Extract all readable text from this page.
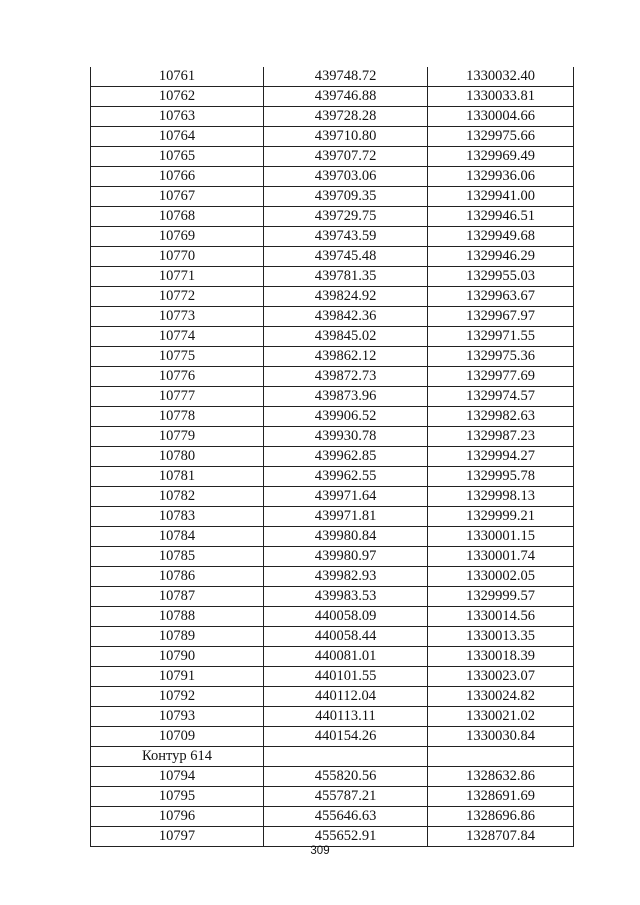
10761	439748.72	1330032.40
10762	439746.88	1330033.81
10763	439728.28	1330004.66
10764	439710.80	1329975.66
10765	439707.72	1329969.49
10766	439703.06	1329936.06
10767	439709.35	1329941.00
10768	439729.75	1329946.51
10769	439743.59	1329949.68
10770	439745.48	1329946.29
10771	439781.35	1329955.03
10772	439824.92	1329963.67
10773	439842.36	1329967.97
10774	439845.02	1329971.55
10775	439862.12	1329975.36
10776	439872.73	1329977.69
10777	439873.96	1329974.57
10778	439906.52	1329982.63
10779	439930.78	1329987.23
10780	439962.85	1329994.27
10781	439962.55	1329995.78
10782	439971.64	1329998.13
10783	439971.81	1329999.21
10784	439980.84	1330001.15
10785	439980.97	1330001.74
10786	439982.93	1330002.05
10787	439983.53	1329999.57
10788	440058.09	1330014.56
10789	440058.44	1330013.35
10790	440081.01	1330018.39
10791	440101.55	1330023.07
10792	440112.04	1330024.82
10793	440113.11	1330021.02
10709	440154.26	1330030.84
Контур 614		
10794	455820.56	1328632.86
10795	455787.21	1328691.69
10796	455646.63	1328696.86
10797	455652.91	1328707.84
309
